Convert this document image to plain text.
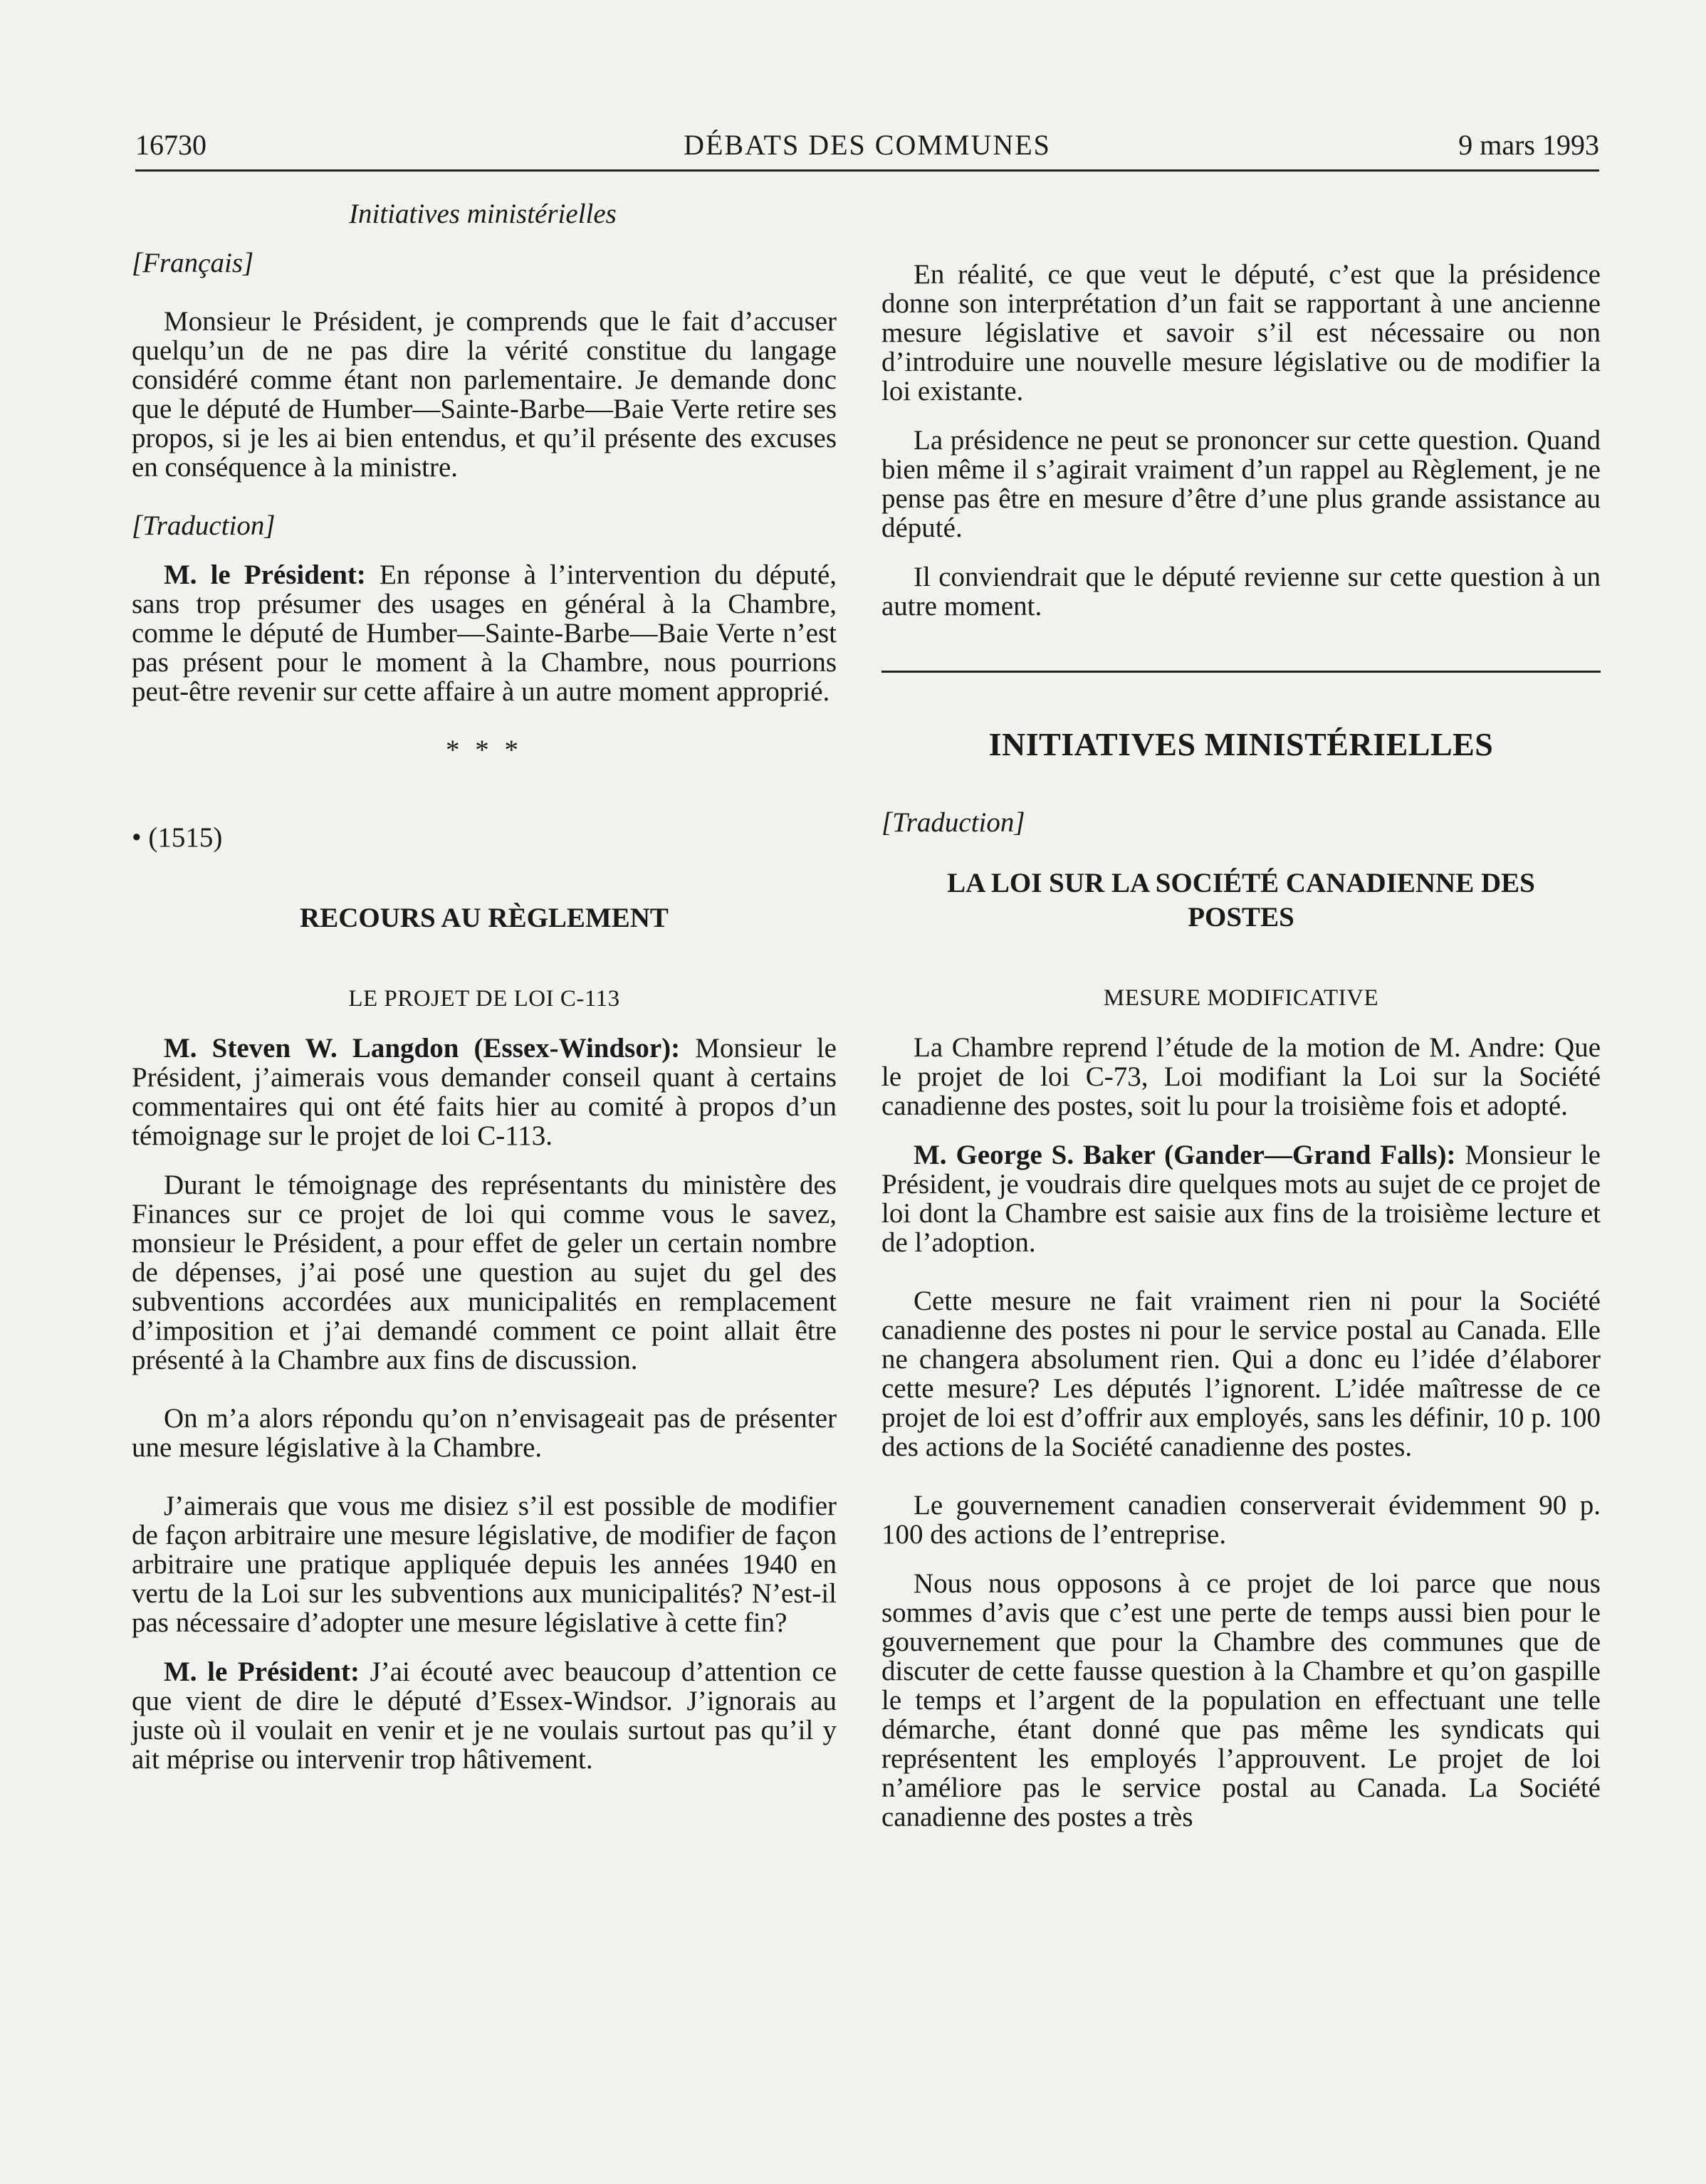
16730	DÉBATS DES COMMUNES	9 mars 1993

Initiatives ministérielles

[Français]

Monsieur le Président, je comprends que le fait d’accuser quelqu’un de ne pas dire la vérité constitue du langage considéré comme étant non parlementaire. Je demande donc que le député de Humber—Sainte-Barbe—Baie Verte retire ses propos, si je les ai bien entendus, et qu’il présente des excuses en conséquence à la ministre.

[Traduction]

M. le Président: En réponse à l’intervention du député, sans trop présumer des usages en général à la Chambre, comme le député de Humber—Sainte-Barbe—Baie Verte n’est pas présent pour le moment à la Chambre, nous pourrions peut-être revenir sur cette affaire à un autre moment approprié.

* * *

• (1515)

RECOURS AU RÈGLEMENT

LE PROJET DE LOI C-113

M. Steven W. Langdon (Essex-Windsor): Monsieur le Président, j’aimerais vous demander conseil quant à certains commentaires qui ont été faits hier au comité à propos d’un témoignage sur le projet de loi C-113.

Durant le témoignage des représentants du ministère des Finances sur ce projet de loi qui comme vous le savez, monsieur le Président, a pour effet de geler un certain nombre de dépenses, j’ai posé une question au sujet du gel des subventions accordées aux municipalités en remplacement d’imposition et j’ai demandé comment ce point allait être présenté à la Chambre aux fins de discussion.

On m’a alors répondu qu’on n’envisageait pas de présenter une mesure législative à la Chambre.

J’aimerais que vous me disiez s’il est possible de modifier de façon arbitraire une mesure législative, de modifier de façon arbitraire une pratique appliquée depuis les années 1940 en vertu de la Loi sur les subventions aux municipalités? N’est-il pas nécessaire d’adopter une mesure législative à cette fin?

M. le Président: J’ai écouté avec beaucoup d’attention ce que vient de dire le député d’Essex-Windsor. J’ignorais au juste où il voulait en venir et je ne voulais surtout pas qu’il y ait méprise ou intervenir trop hâtivement.

En réalité, ce que veut le député, c’est que la présidence donne son interprétation d’un fait se rapportant à une ancienne mesure législative et savoir s’il est nécessaire ou non d’introduire une nouvelle mesure législative ou de modifier la loi existante.

La présidence ne peut se prononcer sur cette question. Quand bien même il s’agirait vraiment d’un rappel au Règlement, je ne pense pas être en mesure d’être d’une plus grande assistance au député.

Il conviendrait que le député revienne sur cette question à un autre moment.

INITIATIVES MINISTÉRIELLES

[Traduction]

LA LOI SUR LA SOCIÉTÉ CANADIENNE DES POSTES

MESURE MODIFICATIVE

La Chambre reprend l’étude de la motion de M. Andre: Que le projet de loi C-73, Loi modifiant la Loi sur la Société canadienne des postes, soit lu pour la troisième fois et adopté.

M. George S. Baker (Gander—Grand Falls): Monsieur le Président, je voudrais dire quelques mots au sujet de ce projet de loi dont la Chambre est saisie aux fins de la troisième lecture et de l’adoption.

Cette mesure ne fait vraiment rien ni pour la Société canadienne des postes ni pour le service postal au Canada. Elle ne changera absolument rien. Qui a donc eu l’idée d’élaborer cette mesure? Les députés l’ignorent. L’idée maîtresse de ce projet de loi est d’offrir aux employés, sans les définir, 10 p. 100 des actions de la Société canadienne des postes.

Le gouvernement canadien conserverait évidemment 90 p. 100 des actions de l’entreprise.

Nous nous opposons à ce projet de loi parce que nous sommes d’avis que c’est une perte de temps aussi bien pour le gouvernement que pour la Chambre des communes que de discuter de cette fausse question à la Chambre et qu’on gaspille le temps et l’argent de la population en effectuant une telle démarche, étant donné que pas même les syndicats qui représentent les employés l’approuvent. Le projet de loi n’améliore pas le service postal au Canada. La Société canadienne des postes a très
